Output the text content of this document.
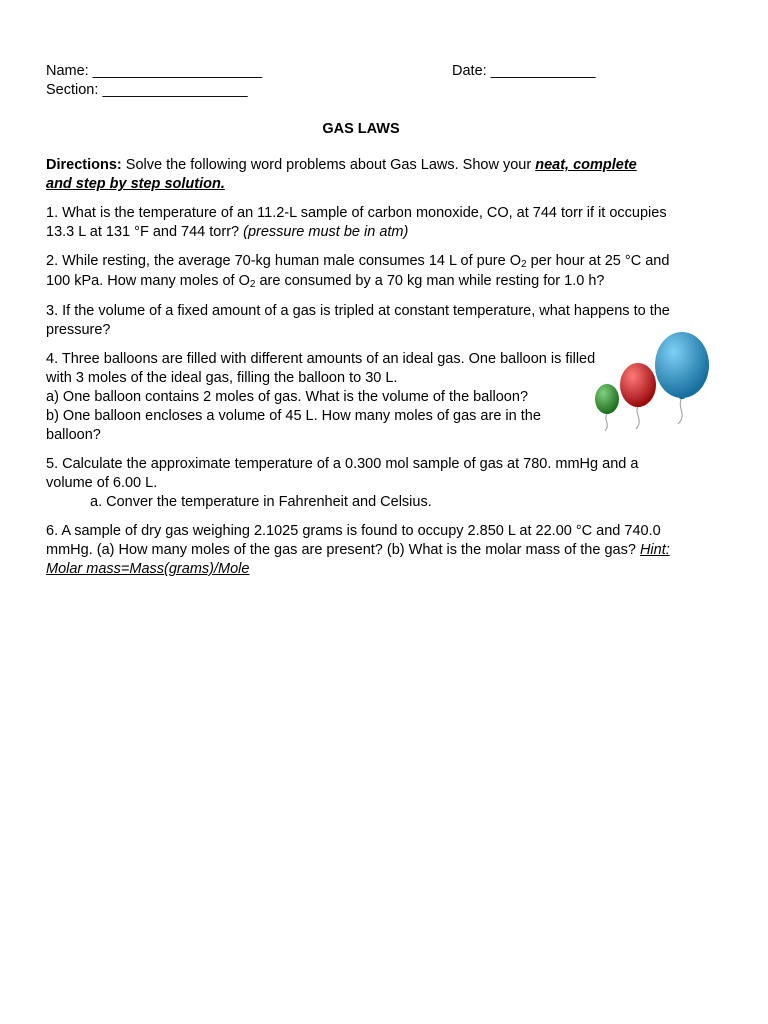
Name: _____________________	Date: _____________
Section: __________________
GAS LAWS

Directions: Solve the following word problems about Gas Laws. Show your neat, complete
and step by step solution.

1. What is the temperature of an 11.2-L sample of carbon monoxide, CO, at 744 torr if it occupies 13.3 L at 131 °F and 744 torr? (pressure must be in atm)

2. While resting, the average 70-kg human male consumes 14 L of pure $O_2$ per hour at 25 °C and 100 kPa. How many moles of $O_2$ are consumed by a 70 kg man while resting for 1.0 h?

3. If the volume of a fixed amount of a gas is tripled at constant temperature, what happens to the pressure?

4. Three balloons are filled with different amounts of an ideal gas. One balloon is filled with 3 moles of the ideal gas, filling the balloon to 30 L.
a) One balloon contains 2 moles of gas. What is the volume of the balloon?
b) One balloon encloses a volume of 45 L. How many moles of gas are in the balloon?

5. Calculate the approximate temperature of a 0.300 mol sample of gas at 780. mmHg and a volume of 6.00 L.
a. Conver the temperature in Fahrenheit and Celsius.

6. A sample of dry gas weighing 2.1025 grams is found to occupy 2.850 L at 22.00 °C and 740.0 mmHg. (a) How many moles of the gas are present? (b) What is the molar mass of the gas? Hint: Molar mass=Mass(grams)/Mole
